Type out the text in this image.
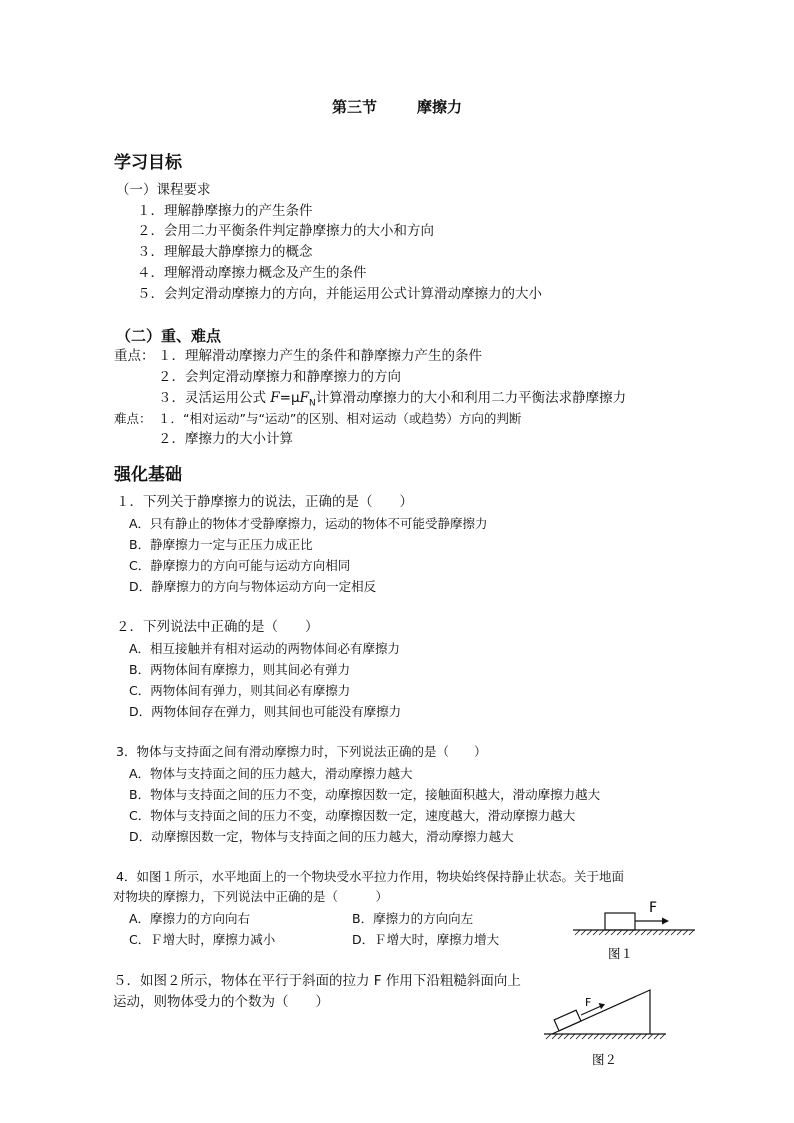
第三节	摩擦力
学习目标
（一）课程要求
１．理解静摩擦力的产生条件
２．会用二力平衡条件判定静摩擦力的大小和方向
３．理解最大静摩擦力的概念
４．理解滑动摩擦力概念及产生的条件
５．会判定滑动摩擦力的方向，并能运用公式计算滑动摩擦力的大小
（二）重、难点
重点： １．理解滑动摩擦力产生的条件和静摩擦力产生的条件
２．会判定滑动摩擦力和静摩擦力的方向
３．灵活运用公式 $F=\mu F_N$计算滑动摩擦力的大小和利用二力平衡法求静摩擦力
难点： １．“相对运动”与“运动”的区别、相对运动（或趋势）方向的判断
２．摩擦力的大小计算
强化基础
１．下列关于静摩擦力的说法，正确的是（　　）
A．只有静止的物体才受静摩擦力，运动的物体不可能受静摩擦力
B．静摩擦力一定与正压力成正比
C．静摩擦力的方向可能与运动方向相同
D．静摩擦力的方向与物体运动方向一定相反
２．下列说法中正确的是（　　）
A．相互接触并有相对运动的两物体间必有摩擦力
B．两物体间有摩擦力，则其间必有弹力
C．两物体间有弹力，则其间必有摩擦力
D．两物体间存在弹力，则其间也可能没有摩擦力
3．物体与支持面之间有滑动摩擦力时，下列说法正确的是（　　）
A．物体与支持面之间的压力越大，滑动摩擦力越大
B．物体与支持面之间的压力不变，动摩擦因数一定，接触面积越大，滑动摩擦力越大
C．物体与支持面之间的压力不变，动摩擦因数一定，速度越大，滑动摩擦力越大
D．动摩擦因数一定，物体与支持面之间的压力越大，滑动摩擦力越大
4．如图１所示，水平地面上的一个物块受水平拉力作用，物块始终保持静止状态。关于地面
对物块的摩擦力，下列说法中正确的是（　　　）
A．摩擦力的方向向右	B．摩擦力的方向向左
C．Ｆ增大时，摩擦力减小	D．Ｆ增大时，摩擦力增大
F
图１
５．如图２所示，物体在平行于斜面的拉力 F 作用下沿粗糙斜面向上
运动，则物体受力的个数为（　　）	F
图２
